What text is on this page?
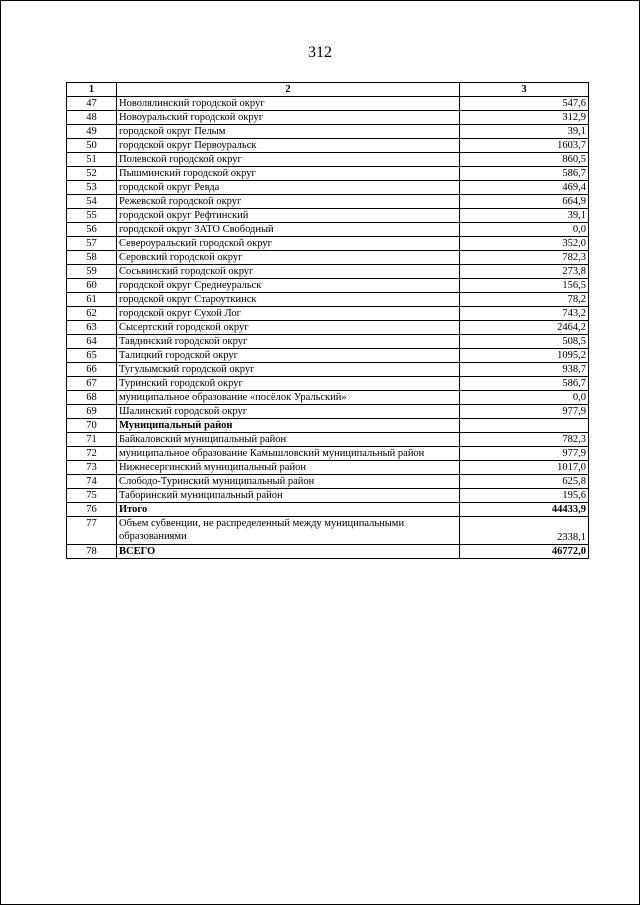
312
1	2	3
47	Новолялинский городской округ	547,6
48	Новоуральский городской округ	312,9
49	городской округ Пелым	39,1
50	городской округ Первоуральск	1603,7
51	Полевской городской округ	860,5
52	Пышминский городской округ	586,7
53	городской округ Ревда	469,4
54	Режевской городской округ	664,9
55	городской округ Рефтинский	39,1
56	городской округ ЗАТО Свободный	0,0
57	Североуральский городской округ	352,0
58	Серовский городской округ	782,3
59	Сосьвинский городской округ	273,8
60	городской округ Среднеуральск	156,5
61	городской округ Староуткинск	78,2
62	городской округ Сухой Лог	743,2
63	Сысертский городской округ	2464,2
64	Тавдинский городской округ	508,5
65	Талицкий городской округ	1095,2
66	Тугулымский городской округ	938,7
67	Туринский городской округ	586,7
68	муниципальное образование «посёлок Уральский»	0,0
69	Шалинский городской округ	977,9
70	Муниципальный район	
71	Байкаловский муниципальный район	782,3
72	муниципальное образование Камышловский муниципальный район	977,9
73	Нижнесергинский муниципальный район	1017,0
74	Слободо-Туринский муниципальный район	625,8
75	Таборинский муниципальный район	195,6
76	Итого	44433,9
77	Объем субвенции, не распределенный между муниципальными образованиями	2338,1
78	ВСЕГО	46772,0
